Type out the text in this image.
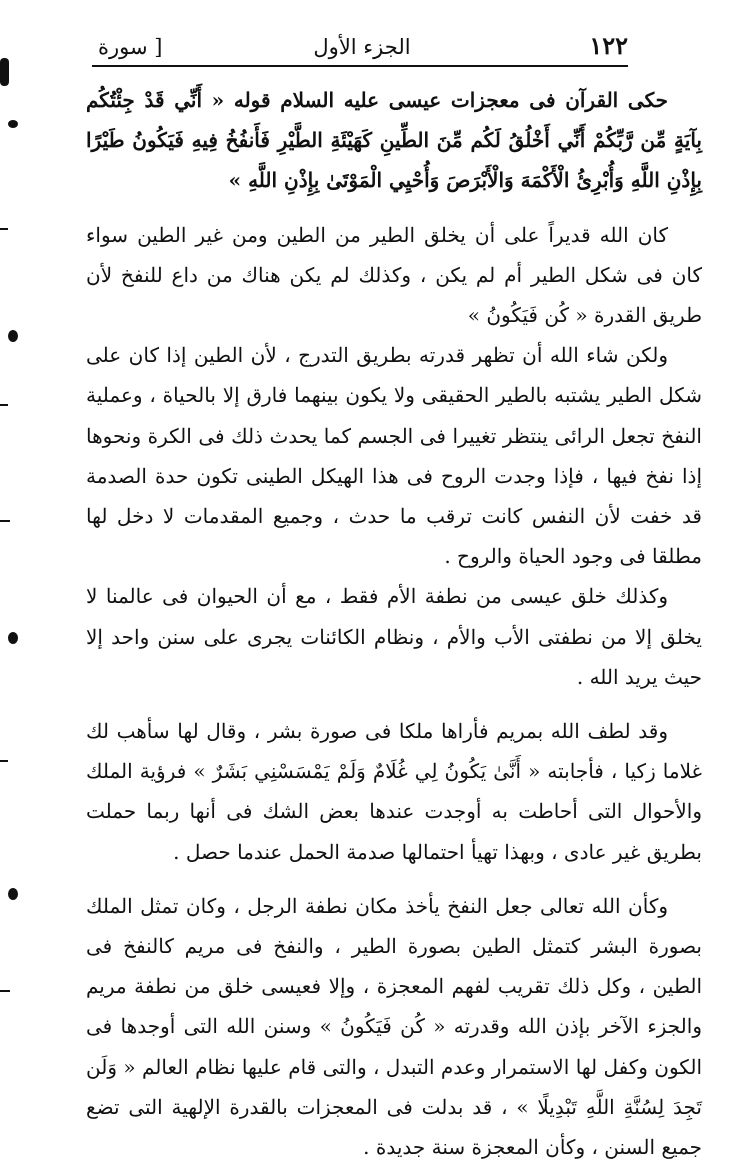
١٢٢
الجزء الأول
[ سورة

حكى القرآن فى معجزات عيسى عليه السلام قوله « أَنِّي قَدْ جِئْتُكُم بِآيَةٍ مِّن رَّبِّكُمْ أَنِّي أَخْلُقُ لَكُم مِّنَ الطِّينِ كَهَيْئَةِ الطَّيْرِ فَأَنفُخُ فِيهِ فَيَكُونُ طَيْرًا بِإِذْنِ اللَّهِ وَأُبْرِئُ الْأَكْمَهَ وَالْأَبْرَصَ وَأُحْيِي الْمَوْتَىٰ بِإِذْنِ اللَّهِ »

كان الله قديراً على أن يخلق الطير من الطين ومن غير الطين سواء كان فى شكل الطير أم لم يكن ، وكذلك لم يكن هناك من داع للنفخ لأن طريق القدرة « كُن فَيَكُونُ »

ولكن شاء الله أن تظهر قدرته بطريق التدرج ، لأن الطين إذا كان على شكل الطير يشتبه بالطير الحقيقى ولا يكون بينهما فارق إلا بالحياة ، وعملية النفخ تجعل الرائى ينتظر تغييرا فى الجسم كما يحدث ذلك فى الكرة ونحوها إذا نفخ فيها ، فإذا وجدت الروح فى هذا الهيكل الطينى تكون حدة الصدمة قد خفت لأن النفس كانت ترقب ما حدث ، وجميع المقدمات لا دخل لها مطلقا فى وجود الحياة والروح .

وكذلك خلق عيسى من نطفة الأم فقط ، مع أن الحيوان فى عالمنا لا يخلق إلا من نطفتى الأب والأم ، ونظام الكائنات يجرى على سنن واحد إلا حيث يريد الله .

وقد لطف الله بمريم فأراها ملكا فى صورة بشر ، وقال لها سأهب لك غلاما زكيا ، فأجابته « أَنَّىٰ يَكُونُ لِي غُلَامٌ وَلَمْ يَمْسَسْنِي بَشَرٌ » فرؤية الملك والأحوال التى أحاطت به أوجدت عندها بعض الشك فى أنها ربما حملت بطريق غير عادى ، وبهذا تهيأ احتمالها صدمة الحمل عندما حصل .

وكأن الله تعالى جعل النفخ يأخذ مكان نطفة الرجل ، وكان تمثل الملك بصورة البشر كتمثل الطين بصورة الطير ، والنفخ فى مريم كالنفخ فى الطين ، وكل ذلك تقريب لفهم المعجزة ، وإلا فعيسى خلق من نطفة مريم والجزء الآخر بإذن الله وقدرته « كُن فَيَكُونُ » وسنن الله التى أوجدها فى الكون وكفل لها الاستمرار وعدم التبدل ، والتى قام عليها نظام العالم « وَلَن تَجِدَ لِسُنَّةِ اللَّهِ تَبْدِيلًا » ، قد بدلت فى المعجزات بالقدرة الإلهية التى تضع جميع السنن ، وكأن المعجزة سنة جديدة .
